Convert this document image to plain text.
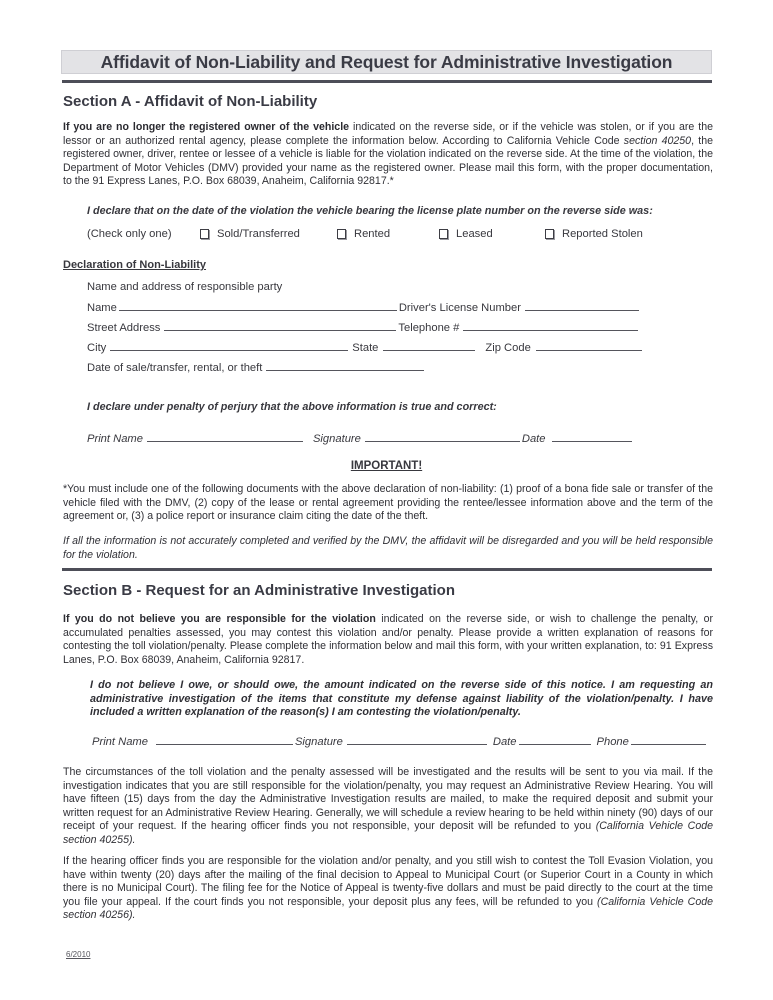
Affidavit of Non-Liability and Request for Administrative Investigation
Section A - Affidavit of Non-Liability
If you are no longer the registered owner of the vehicle indicated on the reverse side, or if the vehicle was stolen, or if you are the lessor or an authorized rental agency, please complete the information below. According to California Vehicle Code section 40250, the registered owner, driver, rentee or lessee of a vehicle is liable for the violation indicated on the reverse side. At the time of the violation, the Department of Motor Vehicles (DMV) provided your name as the registered owner. Please mail this form, with the proper documentation, to the 91 Express Lanes, P.O. Box 68039, Anaheim, California 92817.*
I declare that on the date of the violation the vehicle bearing the license plate number on the reverse side was:
(Check only one)	Sold/Transferred	Rented	Leased	Reported Stolen
Declaration of Non-Liability
Name and address of responsible party
Name	Driver's License Number
Street Address	Telephone #
City	State	Zip Code
Date of sale/transfer, rental, or theft
I declare under penalty of perjury that the above information is true and correct:
Print Name	Signature	Date
IMPORTANT!
*You must include one of the following documents with the above declaration of non-liability: (1) proof of a bona fide sale or transfer of the vehicle filed with the DMV, (2) copy of the lease or rental agreement providing the rentee/lessee information above and the term of the agreement or, (3) a police report or insurance claim citing the date of the theft.
If all the information is not accurately completed and verified by the DMV, the affidavit will be disregarded and you will be held responsible for the violation.
Section B - Request for an Administrative Investigation
If you do not believe you are responsible for the violation indicated on the reverse side, or wish to challenge the penalty, or accumulated penalties assessed, you may contest this violation and/or penalty. Please provide a written explanation of reasons for contesting the toll violation/penalty. Please complete the information below and mail this form, with your written explanation, to: 91 Express Lanes, P.O. Box 68039, Anaheim, California 92817.
I do not believe I owe, or should owe, the amount indicated on the reverse side of this notice. I am requesting an administrative investigation of the items that constitute my defense against liability of the violation/penalty. I have included a written explanation of the reason(s) I am contesting the violation/penalty.
Print Name	Signature	Date	Phone
The circumstances of the toll violation and the penalty assessed will be investigated and the results will be sent to you via mail. If the investigation indicates that you are still responsible for the violation/penalty, you may request an Administrative Review Hearing. You will have fifteen (15) days from the day the Administrative Investigation results are mailed, to make the required deposit and submit your written request for an Administrative Review Hearing. Generally, we will schedule a review hearing to be held within ninety (90) days of our receipt of your request. If the hearing officer finds you not responsible, your deposit will be refunded to you (California Vehicle Code section 40255).
If the hearing officer finds you are responsible for the violation and/or penalty, and you still wish to contest the Toll Evasion Violation, you have within twenty (20) days after the mailing of the final decision to Appeal to Municipal Court (or Superior Court in a County in which there is no Municipal Court). The filing fee for the Notice of Appeal is twenty-five dollars and must be paid directly to the court at the time you file your appeal. If the court finds you not responsible, your deposit plus any fees, will be refunded to you (California Vehicle Code section 40256).
6/2010
